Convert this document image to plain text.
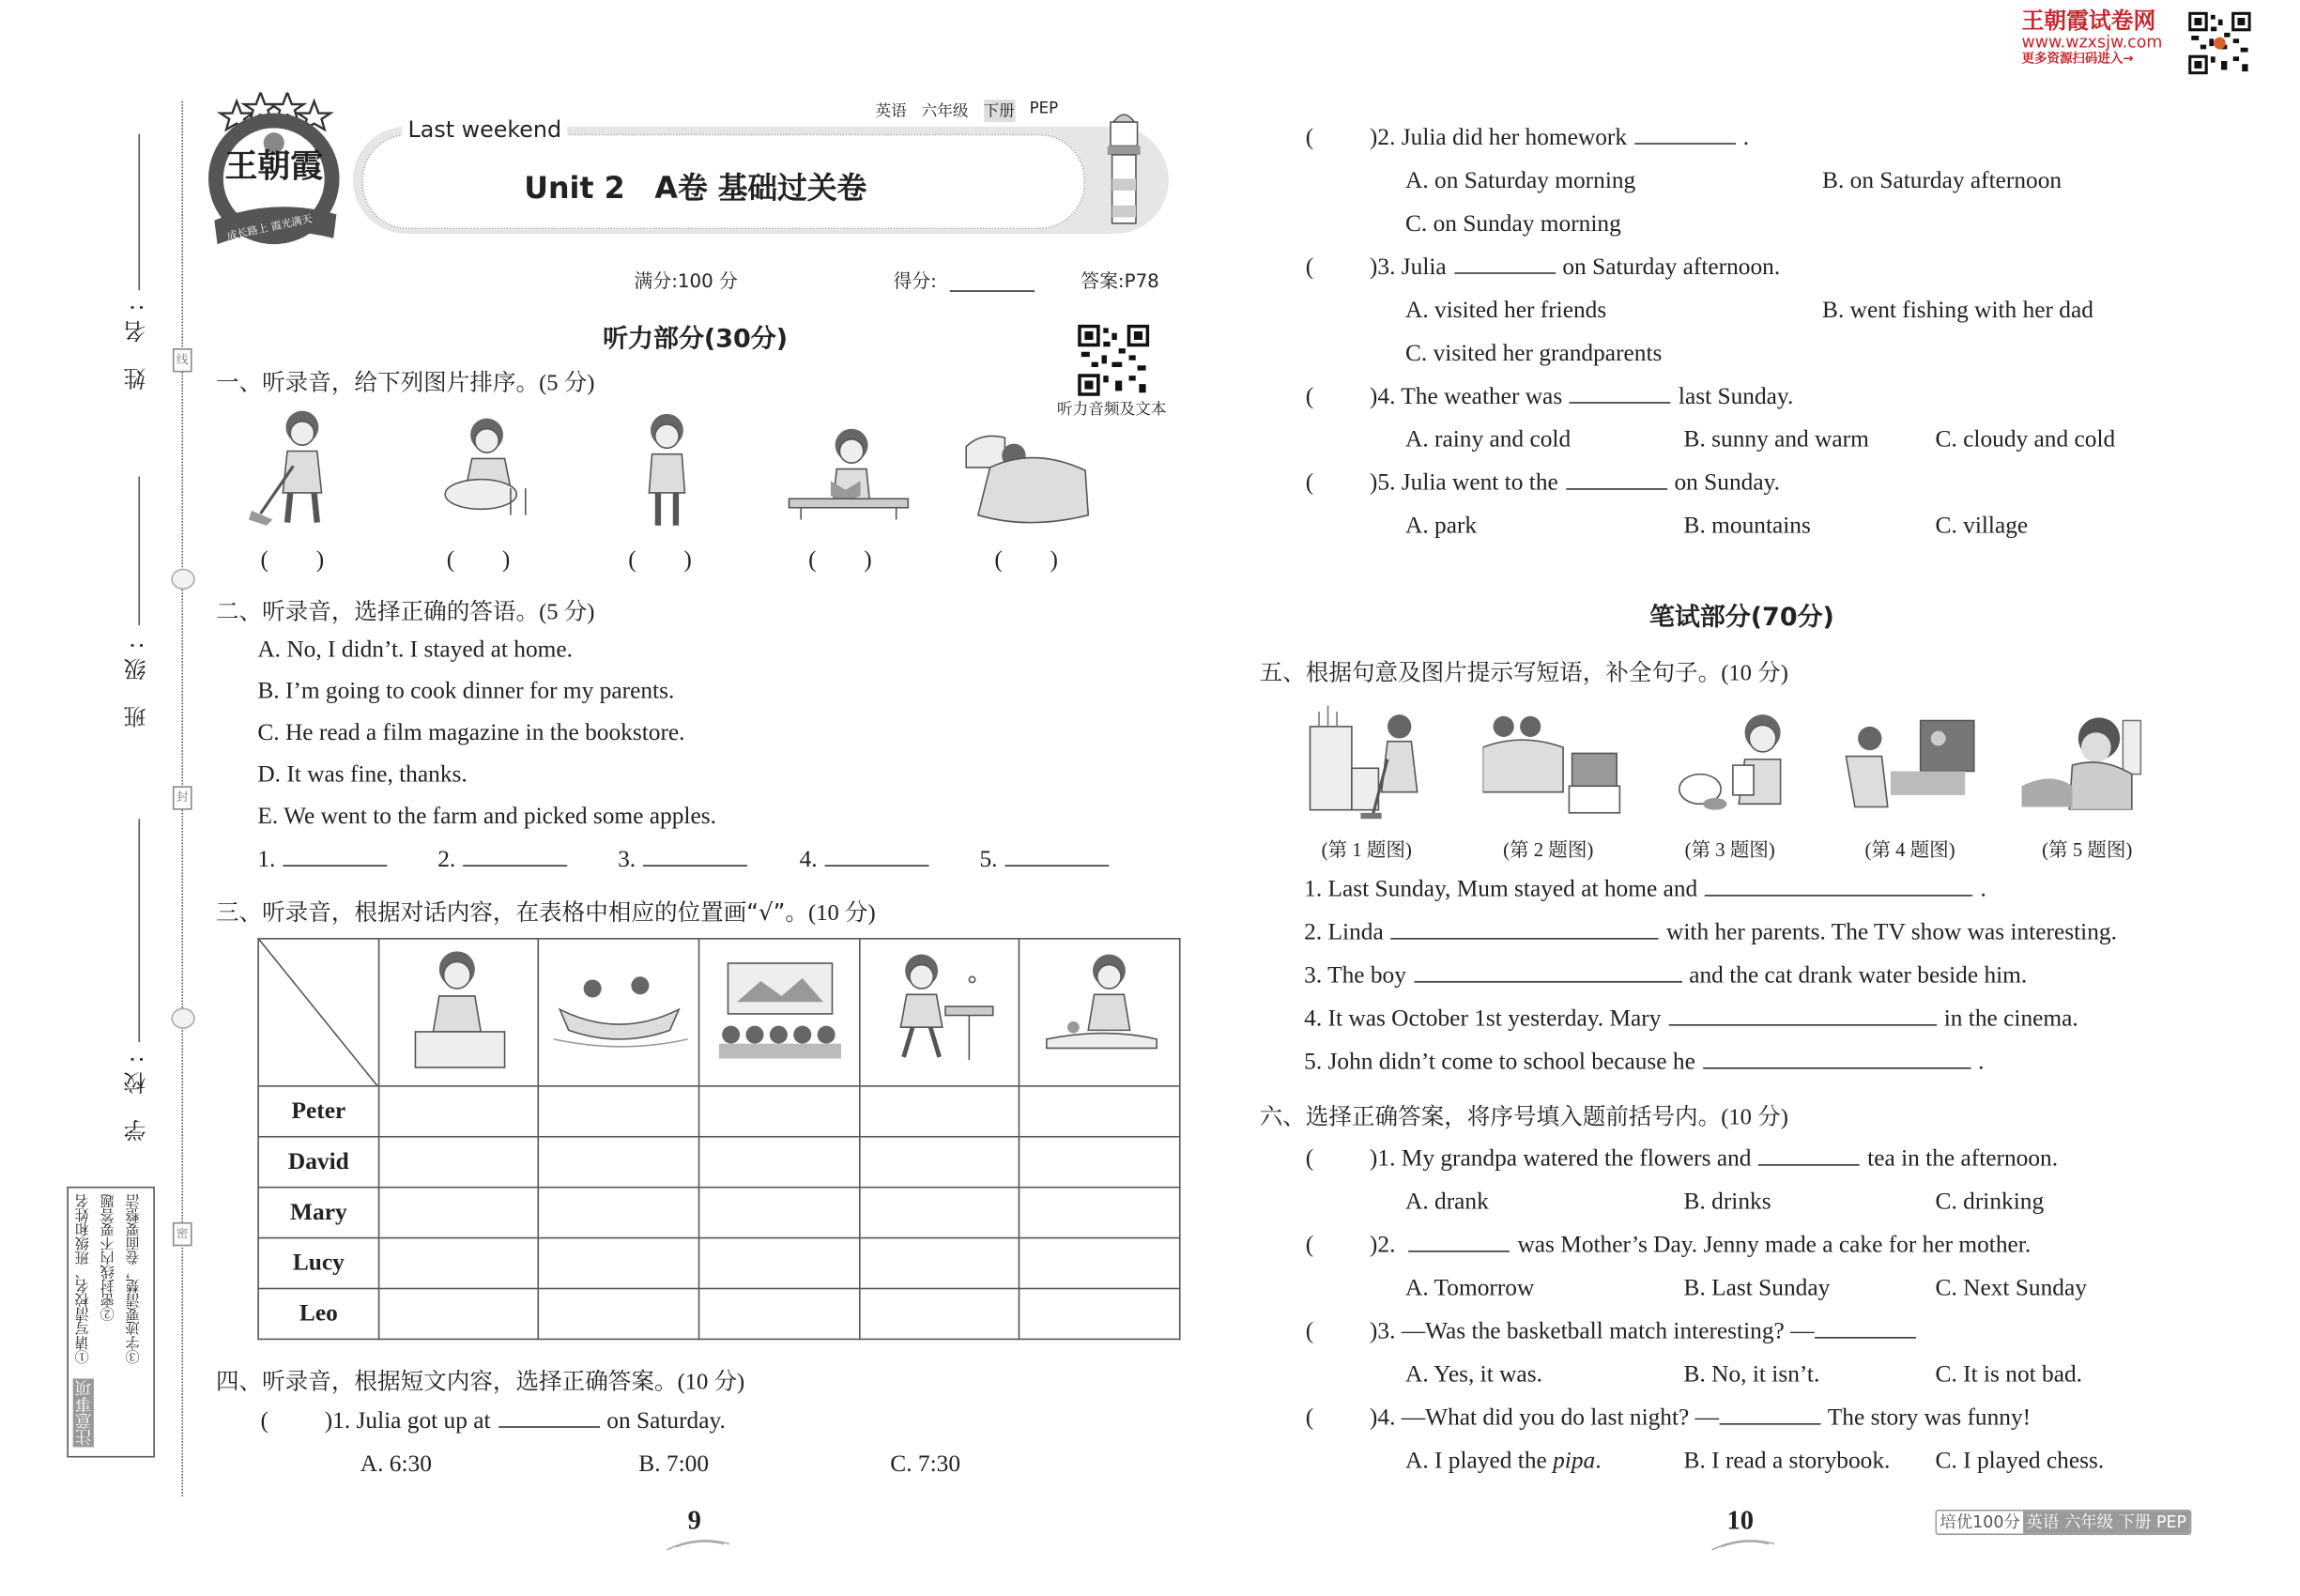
王朝霞试卷网
www.wzxsjw.com
更多资源扫码进入→
线
封
密
姓 名:
班 级:
学 校:
注意事项
①请写清校名、班级和姓名	②密封线内不要答题	③字迹要清楚，卷面要整洁
王朝霞
成长路上 霞光满天
Last weekend
Unit 2　A卷 基础过关卷
英语 六年级 下册 PEP
满分:100 分	得分:	答案:P78
听力部分(30分)
听力音频及文本
一、听录音，给下列图片排序。(5 分)
(　　)	(　　)	(　　)	(　　)	(　　)
二、听录音，选择正确的答语。(5 分)
A. No, I didn’t. I stayed at home.
B. I’m going to cook dinner for my parents.
C. He read a film magazine in the bookstore.
D. It was fine, thanks.
E. We went to the farm and picked some apples.
1.	2.	3.	4.	5.
三、听录音，根据对话内容，在表格中相应的位置画“√”。(10 分)

Peter					
David					
Mary					
Lucy					
Leo					
四、听录音，根据短文内容，选择正确答案。(10 分)
(	)1. Julia got up at	on Saturday.
A. 6:30	B. 7:00	C. 7:30
(	)2. Julia did her homework	.
A. on Saturday morning	B. on Saturday afternoon
C. on Sunday morning
(	)3. Julia	on Saturday afternoon.
A. visited her friends	B. went fishing with her dad
C. visited her grandparents
(	)4. The weather was	last Sunday.
A. rainy and cold	B. sunny and warm	C. cloudy and cold
(	)5. Julia went to the	on Sunday.
A. park	B. mountains	C. village
笔试部分(70分)
五、根据句意及图片提示写短语，补全句子。(10 分)
(第 1 题图)	(第 2 题图)	(第 3 题图)	(第 4 题图)	(第 5 题图)
1. Last Sunday, Mum stayed at home and	.
2. Linda	with her parents. The TV show was interesting.
3. The boy	and the cat drank water beside him.
4. It was October 1st yesterday. Mary	in the cinema.
5. John didn’t come to school because he	.
六、选择正确答案，将序号填入题前括号内。(10 分)
(	)1. My grandpa watered the flowers and	tea in the afternoon.
A. drank	B. drinks	C. drinking
(	)2.	was Mother’s Day. Jenny made a cake for her mother.
A. Tomorrow	B. Last Sunday	C. Next Sunday
(	)3. —Was the basketball match interesting? —
A. Yes, it was.	B. No, it isn’t.	C. It is not bad.
(	)4. —What did you do last night? —	The story was funny!
A. I played the pipa.	B. I read a storybook.	C. I played chess.
9	10	培优100分 英语 六年级 下册 PEP
